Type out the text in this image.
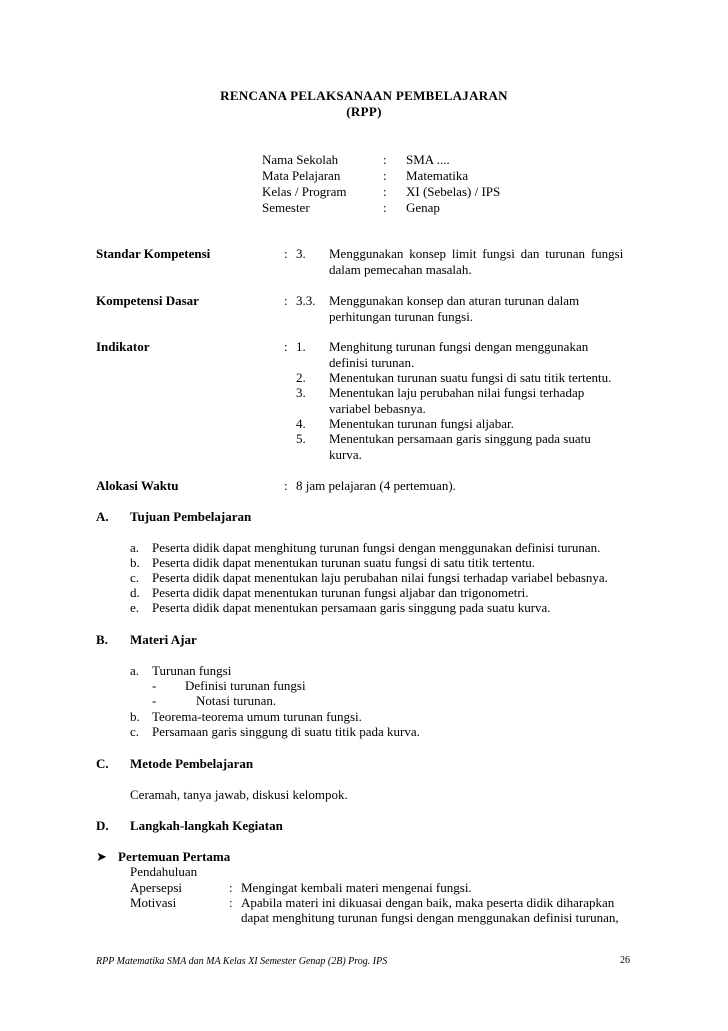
RENCANA PELAKSANAAN PEMBELAJARAN
(RPP)
Nama Sekolah	: SMA ....
Mata Pelajaran	: Matematika
Kelas / Program	: XI (Sebelas) / IPS
Semester	: Genap
Standar Kompetensi	: 3. Menggunakan konsep limit fungsi dan turunan fungsi
dalam pemecahan masalah.
Kompetensi Dasar	: 3.3. Menggunakan konsep dan aturan turunan dalam
perhitungan turunan fungsi.
Indikator	: 1. Menghitung turunan fungsi dengan menggunakan
definisi turunan.
2. Menentukan turunan suatu fungsi di satu titik tertentu.
3. Menentukan laju perubahan nilai fungsi terhadap
variabel bebasnya.
4. Menentukan turunan fungsi aljabar.
5. Menentukan persamaan garis singgung pada suatu
kurva.
Alokasi Waktu	: 8 jam pelajaran (4 pertemuan).
A. Tujuan Pembelajaran
a. Peserta didik dapat menghitung turunan fungsi dengan menggunakan definisi turunan.
b. Peserta didik dapat menentukan turunan suatu fungsi di satu titik tertentu.
c. Peserta didik dapat menentukan laju perubahan nilai fungsi terhadap variabel bebasnya.
d. Peserta didik dapat menentukan turunan fungsi aljabar dan trigonometri.
e. Peserta didik dapat menentukan persamaan garis singgung pada suatu kurva.
B. Materi Ajar
a. Turunan fungsi
- Definisi turunan fungsi
-	Notasi turunan.
b. Teorema-teorema umum turunan fungsi.
c. Persamaan garis singgung di suatu titik pada kurva.
C. Metode Pembelajaran
Ceramah, tanya jawab, diskusi kelompok.
D. Langkah-langkah Kegiatan
➤ Pertemuan Pertama
Pendahuluan
Apersepsi	: Mengingat kembali materi mengenai fungsi.
Motivasi	: Apabila materi ini dikuasai dengan baik, maka peserta didik diharapkan
dapat menghitung turunan fungsi dengan menggunakan definisi turunan,
RPP Matematika SMA dan MA Kelas XI Semester Genap (2B) Prog. IPS	26
